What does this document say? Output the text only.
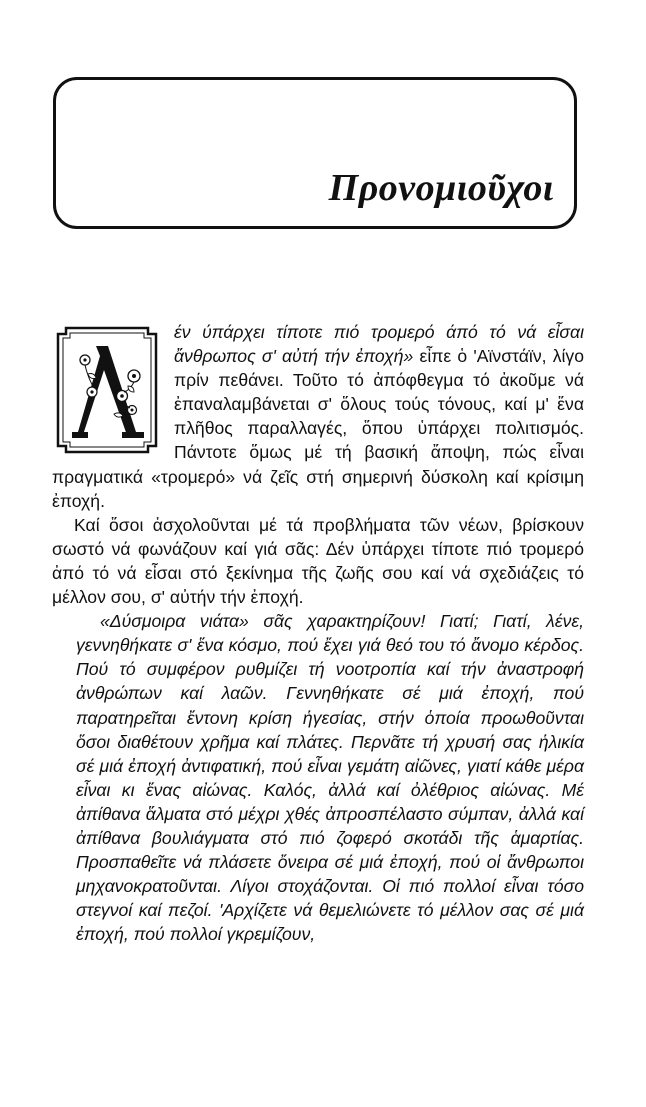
Προνομιοῦχοι

έν ύπάρχει τίποτε πιό τρομερό άπό τό νά εἶσαι ἄνθρωπος σ' αὐτή τήν ἐποχή» εἶπε ὁ 'Αϊνστάϊν, λίγο πρίν πεθάνει. Τοῦτο τό ἀπόφθεγμα τό ἀκοῦμε νά ἐπαναλαμβάνεται σ' ὅλους τούς τόνους, καί μ' ἕνα πλῆθος παραλλαγές, ὅπου ὑπάρχει πολιτισμός. Πάντοτε ὅμως μέ τή βασική ἄποψη, πώς εἶναι πραγματικά «τρομερό» νά ζεῖς στή σημερινή δύσκολη καί κρίσιμη ἐποχή.

Καί ὅσοι ἀσχολοῦνται μέ τά προβλήματα τῶν νέων, βρίσκουν σωστό νά φωνάζουν καί γιά σᾶς: Δέν ὑπάρχει τίποτε πιό τρομερό ἀπό τό νά εἶσαι στό ξεκίνημα τῆς ζωῆς σου καί νά σχεδιάζεις τό μέλλον σου, σ' αὐτήν τήν ἐποχή.

«Δύσμοιρα νιάτα» σᾶς χαρακτηρίζουν! Γιατί; Γιατί, λένε, γεννηθήκατε σ' ἕνα κόσμο, πού ἔχει γιά θεό του τό ἄνομο κέρδος. Πού τό συμφέρον ρυθμίζει τή νοοτροπία καί τήν ἀναστροφή ἀνθρώπων καί λαῶν. Γεννηθήκατε σέ μιά ἐποχή, πού παρατηρεῖται ἔντονη κρίση ἡγεσίας, στήν ὁποία προωθοῦνται ὅσοι διαθέτουν χρῆμα καί πλάτες. Περνᾶτε τή χρυσή σας ἡλικία σέ μιά ἐποχή ἀντιφατική, πού εἶναι γεμάτη αἰῶνες, γιατί κάθε μέρα εἶναι κι ἕνας αἰώνας. Καλός, ἀλλά καί ὀλέθριος αἰώνας. Μέ ἀπίθανα ἅλματα στό μέχρι χθές ἀπροσπέλαστο σύμπαν, ἀλλά καί ἀπίθανα βουλιάγματα στό πιό ζοφερό σκοτάδι τῆς ἁμαρτίας. Προσπαθεῖτε νά πλάσετε ὄνειρα σέ μιά ἐποχή, πού οἱ ἄνθρωποι μηχανοκρατοῦνται. Λίγοι στοχάζονται. Οἱ πιό πολλοί εἶναι τόσο στεγνοί καί πεζοί. 'Αρχίζετε νά θεμελιώνετε τό μέλλον σας σέ μιά ἐποχή, πού πολλοί γκρεμίζουν,
